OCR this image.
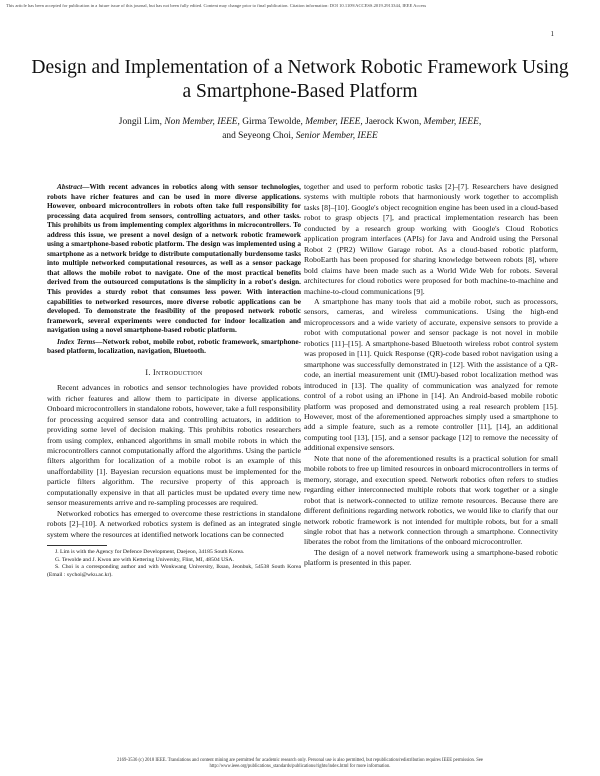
This article has been accepted for publication in a future issue of this journal, but has not been fully edited. Content may change prior to final publication. Citation information: DOI 10.1109/ACCESS.2019.2913344, IEEE Access
1
Design and Implementation of a Network Robotic Framework Using a Smartphone-Based Platform
Jongil Lim, Non Member, IEEE, Girma Tewolde, Member, IEEE, Jaerock Kwon, Member, IEEE,
and Seyeong Choi, Senior Member, IEEE

Abstract—With recent advances in robotics along with sensor technologies, robots have richer features and can be used in more diverse applications. However, onboard microcontrollers in robots often take full responsibility for processing data acquired from sensors, controlling actuators, and other tasks. This prohibits us from implementing complex algorithms in microcontrollers. To address this issue, we present a novel design of a network robotic framework using a smartphone-based robotic platform. The design was implemented using a smartphone as a network bridge to distribute computationally burdensome tasks into multiple networked computational resources, as well as a sensor package that allows the mobile robot to navigate. One of the most practical benefits derived from the outsourced computations is the simplicity in a robot's design. This provides a sturdy robot that consumes less power. With interaction capabilities to networked resources, more diverse robotic applications can be developed. To demonstrate the feasibility of the proposed network robotic framework, several experiments were conducted for indoor localization and navigation using a novel smartphone-based robotic platform.

Index Terms—Network robot, mobile robot, robotic framework, smartphone-based platform, localization, navigation, Bluetooth.

I. Introduction

Recent advances in robotics and sensor technologies have provided robots with richer features and allow them to participate in diverse applications. Onboard microcontrollers in standalone robots, however, take a full responsibility for processing acquired sensor data and controlling actuators, in addition to providing some level of decision making. This prohibits robotics researchers from using complex, enhanced algorithms in small mobile robots in which the microcontrollers cannot computationally afford the algorithms. Using the particle filters algorithm for localization of a mobile robot is an example of this unaffordability [1]. Bayesian recursion equations must be implemented for the particle filters algorithm. The recursive property of this approach is computationally expensive in that all particles must be updated every time new sensor measurements arrive and re-sampling processes are required.

Networked robotics has emerged to overcome these restrictions in standalone robots [2]–[10]. A networked robotics system is defined as an integrated single system where the resources at identified network locations can be connected

J. Lim is with the Agency for Defence Development, Daejeon, 34185 South Korea.

G. Tewolde and J. Kwon are with Kettering University, Flint, MI, 48504 USA.

S. Choi is a corresponding author and with Wonkwang University, Iksan, Jeonbuk, 54538 South Korea (Email : sychoi@wku.ac.kr).

together and used to perform robotic tasks [2]–[7]. Researchers have designed systems with multiple robots that harmoniously work together to accomplish tasks [8]–[10]. Google's object recognition engine has been used in a cloud-based robot to grasp objects [7], and practical implementation research has been conducted by a research group working with Google's Cloud Robotics application program interfaces (APIs) for Java and Android using the Personal Robot 2 (PR2) Willow Garage robot. As a cloud-based robotic platform, RoboEarth has been proposed for sharing knowledge between robots [8], where bold claims have been made such as a World Wide Web for robots. Several architectures for cloud robotics were proposed for both machine-to-machine and machine-to-cloud communications [9].

A smartphone has many tools that aid a mobile robot, such as processors, sensors, cameras, and wireless communications. Using the high-end microprocessors and a wide variety of accurate, expensive sensors to provide a robot with computational power and sensor package is not novel in mobile robotics [11]–[15]. A smartphone-based Bluetooth wireless robot control system was proposed in [11]. Quick Response (QR)-code based robot navigation using a smartphone was successfully demonstrated in [12]. With the assistance of a QR-code, an inertial measurement unit (IMU)-based robot localization method was introduced in [13]. The quality of communication was analyzed for remote control of a robot using an iPhone in [14]. An Android-based mobile robotic platform was proposed and demonstrated using a real research problem [15]. However, most of the aforementioned approaches simply used a smartphone to add a simple feature, such as a remote controller [11], [14], an additional computing tool [13], [15], and a sensor package [12] to remove the necessity of additional expensive sensors.

Note that none of the aforementioned results is a practical solution for small mobile robots to free up limited resources in onboard microcontrollers in terms of memory, storage, and execution speed. Network robotics often refers to studies regarding either interconnected multiple robots that work together or a single robot that is network-connected to utilize remote resources. Because there are different definitions regarding network robotics, we would like to clarify that our network robotic framework is not intended for multiple robots, but for a small single robot that has a network connection through a smartphone. Connectivity liberates the robot from the limitations of the onboard microcontroller.

The design of a novel network framework using a smartphone-based robotic platform is presented in this paper.

2169-3536 (c) 2018 IEEE. Translations and content mining are permitted for academic research only. Personal use is also permitted, but republication/redistribution requires IEEE permission. See
http://www.ieee.org/publications_standards/publications/rights/index.html for more information.
